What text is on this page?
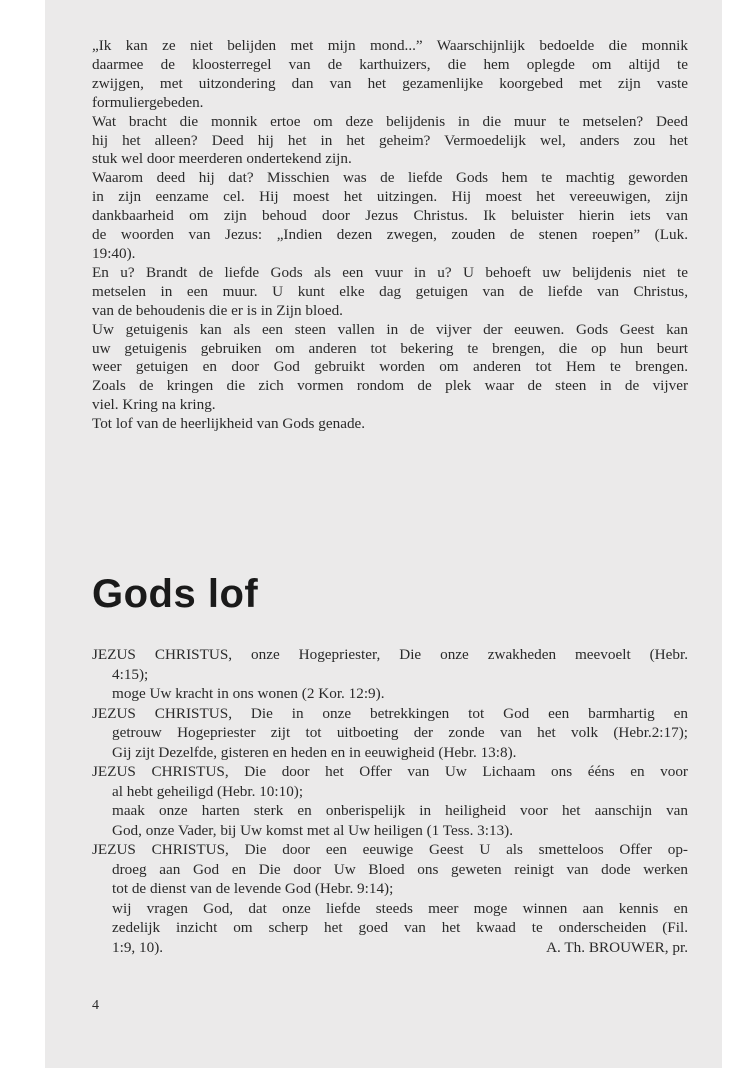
„Ik kan ze niet belijden met mijn mond...” Waarschijnlijk bedoelde die monnik
daarmee de kloosterregel van de karthuizers, die hem oplegde om altijd te
zwijgen, met uitzondering dan van het gezamenlijke koorgebed met zijn vaste
formuliergebeden.
Wat bracht die monnik ertoe om deze belijdenis in die muur te metselen? Deed
hij het alleen? Deed hij het in het geheim? Vermoedelijk wel, anders zou het
stuk wel door meerderen ondertekend zijn.
Waarom deed hij dat? Misschien was de liefde Gods hem te machtig geworden
in zijn eenzame cel. Hij moest het uitzingen. Hij moest het vereeuwigen, zijn
dankbaarheid om zijn behoud door Jezus Christus. Ik beluister hierin iets van
de woorden van Jezus: „Indien dezen zwegen, zouden de stenen roepen” (Luk.
19:40).
En u? Brandt de liefde Gods als een vuur in u? U behoeft uw belijdenis niet te
metselen in een muur. U kunt elke dag getuigen van de liefde van Christus,
van de behoudenis die er is in Zijn bloed.
Uw getuigenis kan als een steen vallen in de vijver der eeuwen. Gods Geest kan
uw getuigenis gebruiken om anderen tot bekering te brengen, die op hun beurt
weer getuigen en door God gebruikt worden om anderen tot Hem te brengen.
Zoals de kringen die zich vormen rondom de plek waar de steen in de vijver
viel. Kring na kring.
Tot lof van de heerlijkheid van Gods genade.
Gods lof
JEZUS CHRISTUS, onze Hogepriester, Die onze zwakheden meevoelt (Hebr.
4:15);
moge Uw kracht in ons wonen (2 Kor. 12:9).
JEZUS CHRISTUS, Die in onze betrekkingen tot God een barmhartig en
getrouw Hogepriester zijt tot uitboeting der zonde van het volk (Hebr.2:17);
Gij zijt Dezelfde, gisteren en heden en in eeuwigheid (Hebr. 13:8).
JEZUS CHRISTUS, Die door het Offer van Uw Lichaam ons ééns en voor
al hebt geheiligd (Hebr. 10:10);
maak onze harten sterk en onberispelijk in heiligheid voor het aanschijn van
God, onze Vader, bij Uw komst met al Uw heiligen (1 Tess. 3:13).
JEZUS CHRISTUS, Die door een eeuwige Geest U als smetteloos Offer op-
droeg aan God en Die door Uw Bloed ons geweten reinigt van dode werken
tot de dienst van de levende God (Hebr. 9:14);
wij vragen God, dat onze liefde steeds meer moge winnen aan kennis en
zedelijk inzicht om scherp het goed van het kwaad te onderscheiden (Fil.
1:9, 10).	A. Th. BROUWER, pr.
4
